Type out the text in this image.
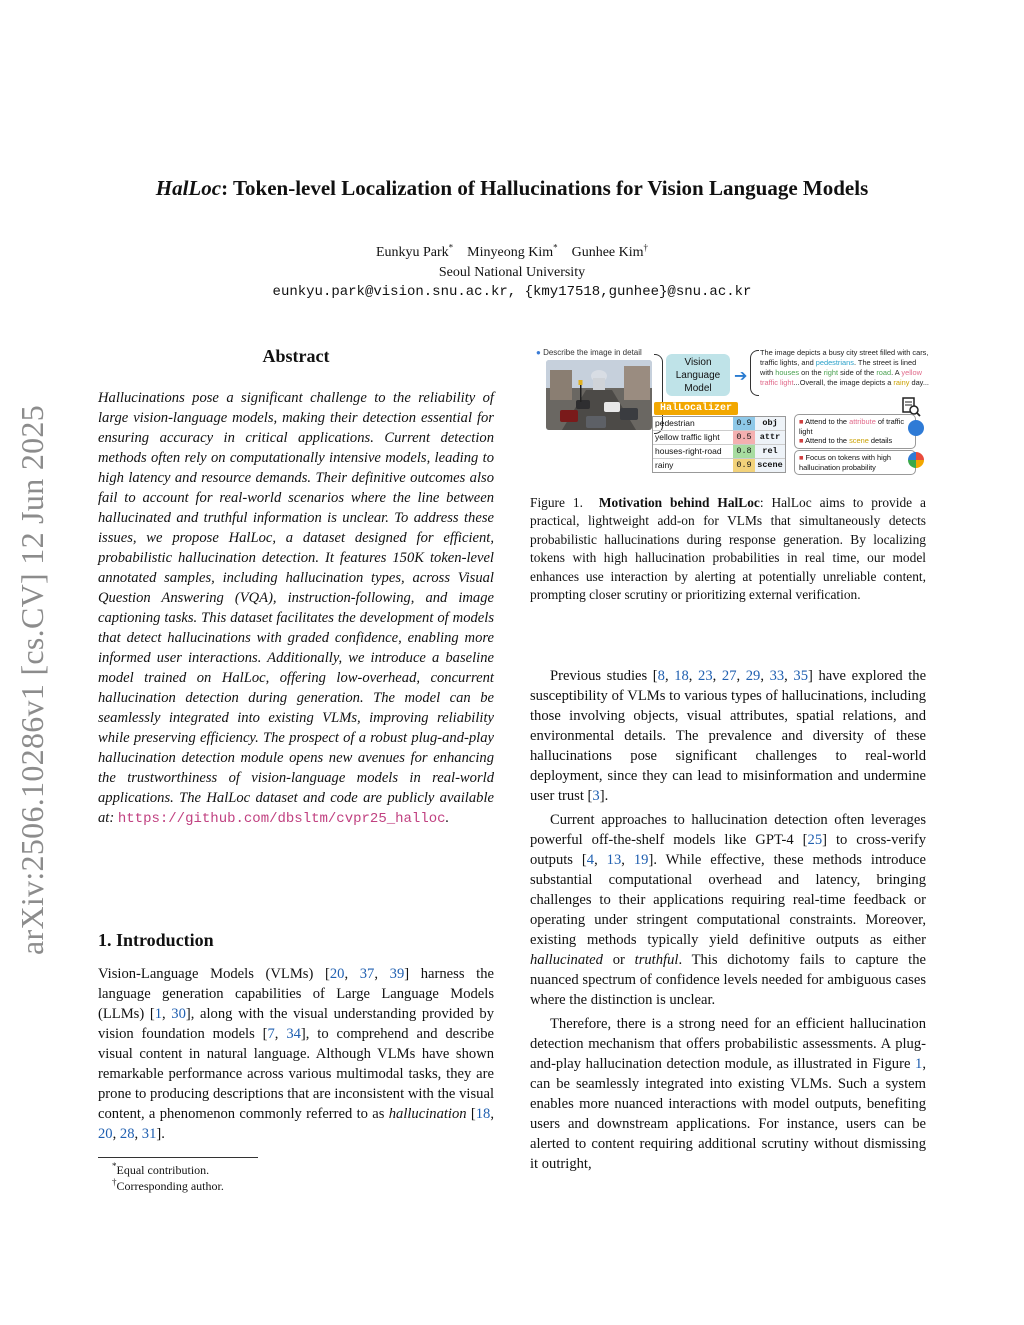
arXiv:2506.10286v1 [cs.CV] 12 Jun 2025
HalLoc: Token-level Localization of Hallucinations for Vision Language Models
Eunkyu Park* Minyeong Kim* Gunhee Kim†
Seoul National University
eunkyu.park@vision.snu.ac.kr, {kmy17518,gunhee}@snu.ac.kr
Abstract
Hallucinations pose a significant challenge to the reliability of large vision-language models, making their detection essential for ensuring accuracy in critical applications. Current detection methods often rely on computationally intensive models, leading to high latency and resource demands. Their definitive outcomes also fail to account for real-world scenarios where the line between hallucinated and truthful information is unclear. To address these issues, we propose HalLoc, a dataset designed for efficient, probabilistic hallucination detection. It features 150K token-level annotated samples, including hallucination types, across Visual Question Answering (VQA), instruction-following, and image captioning tasks. This dataset facilitates the development of models that detect hallucinations with graded confidence, enabling more informed user interactions. Additionally, we introduce a baseline model trained on HalLoc, offering low-overhead, concurrent hallucination detection during generation. The model can be seamlessly integrated into existing VLMs, improving reliability while preserving efficiency. The prospect of a robust plug-and-play hallucination detection module opens new avenues for enhancing the trustworthiness of vision-language models in real-world applications. The HalLoc dataset and code are publicly available at: https://github.com/dbsltm/cvpr25_halloc.
1. Introduction
Vision-Language Models (VLMs) [20, 37, 39] harness the language generation capabilities of Large Language Models (LLMs) [1, 30], along with the visual understanding provided by vision foundation models [7, 34], to comprehend and describe visual content in natural language. Although VLMs have shown remarkable performance across various multimodal tasks, they are prone to producing descriptions that are inconsistent with the visual content, a phenomenon commonly referred to as hallucination [18, 20, 28, 31].
*Equal contribution.
†Corresponding author.
● Describe the image in detail
Vision
Language
Model
➔
The image depicts a busy city street filled with cars, traffic lights, and pedestrians. The street is lined with houses on the right side of the road. A yellow traffic light...Overall, the image depicts a rainy day...
HalLocalizer
pedestrian	0.9	obj
yellow traffic light	0.5 attr
houses-right-road	0.8	rel
rainy	0.9 scene
■ Attend to the attribute of traffic light
■ Attend to the scene details
■ Focus on tokens with high hallucination probability
Figure 1. Motivation behind HalLoc: HalLoc aims to provide a practical, lightweight add-on for VLMs that simultaneously detects probabilistic hallucinations during response generation. By localizing tokens with high hallucination probabilities in real time, our model enhances use interaction by alerting at potentially unreliable content, prompting closer scrutiny or prioritizing external verification.

Previous studies [8, 18, 23, 27, 29, 33, 35] have explored the susceptibility of VLMs to various types of hallucinations, including those involving objects, visual attributes, spatial relations, and environmental details. The prevalence and diversity of these hallucinations pose significant challenges to real-world deployment, since they can lead to misinformation and undermine user trust [3].

Current approaches to hallucination detection often leverages powerful off-the-shelf models like GPT-4 [25] to cross-verify outputs [4, 13, 19]. While effective, these methods introduce substantial computational overhead and latency, bringing challenges to their applications requiring real-time feedback or operating under stringent computational constraints. Moreover, existing methods typically yield definitive outputs as either hallucinated or truthful. This dichotomy fails to capture the nuanced spectrum of confidence levels needed for ambiguous cases where the distinction is unclear.

Therefore, there is a strong need for an efficient hallucination detection mechanism that offers probabilistic assessments. A plug-and-play hallucination detection module, as illustrated in Figure 1, can be seamlessly integrated into existing VLMs. Such a system enables more nuanced interactions with model outputs, benefiting users and downstream applications. For instance, users can be alerted to content requiring additional scrutiny without dismissing it outright,
